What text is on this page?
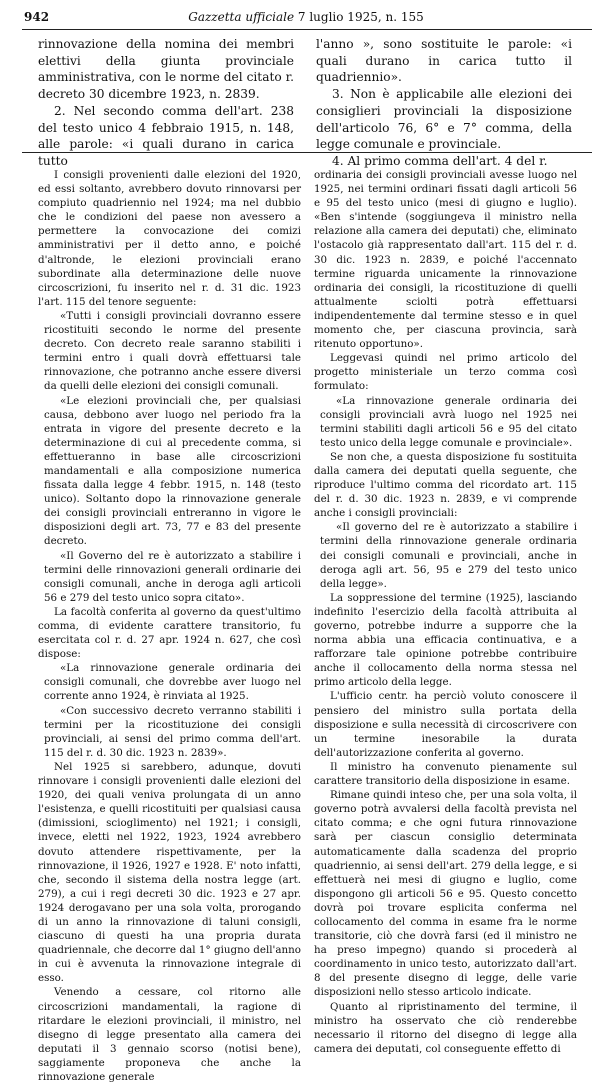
942	Gazzetta ufficiale 7 luglio 1925, n. 155

rinnovazione della nomina dei membri elettivi della giunta provinciale amministrativa, con le norme del citato r. decreto 30 dicembre 1923, n. 2839.

2. Nel secondo comma dell'art. 238 del testo unico 4 febbraio 1915, n. 148, alle parole: «i quali durano in carica tutto

l'anno », sono sostituite le parole: «i quali durano in carica tutto il quadriennio».

3. Non è applicabile alle elezioni dei consiglieri provinciali la disposizione dell'articolo 76, 6° e 7° comma, della legge comunale e provinciale.

4. Al primo comma dell'art. 4 del r.

I consigli provenienti dalle elezioni del 1920, ed essi soltanto, avrebbero dovuto rinnovarsi per compiuto quadriennio nel 1924; ma nel dubbio che le condizioni del paese non avessero a permettere la convocazione dei comizi amministrativi per il detto anno, e poiché d'altronde, le elezioni provinciali erano subordinate alla determinazione delle nuove circoscrizioni, fu inserito nel r. d. 31 dic. 1923 l'art. 115 del tenore seguente:

«Tutti i consigli provinciali dovranno essere ricostituiti secondo le norme del presente decreto. Con decreto reale saranno stabiliti i termini entro i quali dovrà effettuarsi tale rinnovazione, che potranno anche essere diversi da quelli delle elezioni dei consigli comunali.

«Le elezioni provinciali che, per qualsiasi causa, debbono aver luogo nel periodo fra la entrata in vigore del presente decreto e la determinazione di cui al precedente comma, si effettueranno in base alle circoscrizioni mandamentali e alla composizione numerica fissata dalla legge 4 febbr. 1915, n. 148 (testo unico). Soltanto dopo la rinnovazione generale dei consigli provinciali entreranno in vigore le disposizioni degli art. 73, 77 e 83 del presente decreto.

«Il Governo del re è autorizzato a stabilire i termini delle rinnovazioni generali ordinarie dei consigli comunali, anche in deroga agli articoli 56 e 279 del testo unico sopra citato».

La facoltà conferita al governo da quest'ultimo comma, di evidente carattere transitorio, fu esercitata col r. d. 27 apr. 1924 n. 627, che così dispose:

«La rinnovazione generale ordinaria dei consigli comunali, che dovrebbe aver luogo nel corrente anno 1924, è rinviata al 1925.

«Con successivo decreto verranno stabiliti i termini per la ricostituzione dei consigli provinciali, ai sensi del primo comma dell'art. 115 del r. d. 30 dic. 1923 n. 2839».

Nel 1925 si sarebbero, adunque, dovuti rinnovare i consigli provenienti dalle elezioni del 1920, dei quali veniva prolungata di un anno l'esistenza, e quelli ricostituiti per qualsiasi causa (dimissioni, scioglimento) nel 1921; i consigli, invece, eletti nel 1922, 1923, 1924 avrebbero dovuto attendere rispettivamente, per la rinnovazione, il 1926, 1927 e 1928. E' noto infatti, che, secondo il sistema della nostra legge (art. 279), a cui i regi decreti 30 dic. 1923 e 27 apr. 1924 derogavano per una sola volta, prorogando di un anno la rinnovazione di taluni consigli, ciascuno di questi ha una propria durata quadriennale, che decorre dal 1° giugno dell'anno in cui è avvenuta la rinnovazione integrale di esso.

Venendo a cessare, col ritorno alle circoscrizioni mandamentali, la ragione di ritardare le elezioni provinciali, il ministro, nel disegno di legge presentato alla camera dei deputati il 3 gennaio scorso (notisi bene), saggiamente proponeva che anche la rinnovazione generale

ordinaria dei consigli provinciali avesse luogo nel 1925, nei termini ordinari fissati dagli articoli 56 e 95 del testo unico (mesi di giugno e luglio). «Ben s'intende (soggiungeva il ministro nella relazione alla camera dei deputati) che, eliminato l'ostacolo già rappresentato dall'art. 115 del r. d. 30 dic. 1923 n. 2839, e poiché l'accennato termine riguarda unicamente la rinnovazione ordinaria dei consigli, la ricostituzione di quelli attualmente sciolti potrà effettuarsi indipendentemente dal termine stesso e in quel momento che, per ciascuna provincia, sarà ritenuto opportuno».

Leggevasi quindi nel primo articolo del progetto ministeriale un terzo comma così formulato:

«La rinnovazione generale ordinaria dei consigli provinciali avrà luogo nel 1925 nei termini stabiliti dagli articoli 56 e 95 del citato testo unico della legge comunale e provinciale».

Se non che, a questa disposizione fu sostituita dalla camera dei deputati quella seguente, che riproduce l'ultimo comma del ricordato art. 115 del r. d. 30 dic. 1923 n. 2839, e vi comprende anche i consigli provinciali:

«Il governo del re è autorizzato a stabilire i termini della rinnovazione generale ordinaria dei consigli comunali e provinciali, anche in deroga agli art. 56, 95 e 279 del testo unico della legge».

La soppressione del termine (1925), lasciando indefinito l'esercizio della facoltà attribuita al governo, potrebbe indurre a supporre che la norma abbia una efficacia continuativa, e a rafforzare tale opinione potrebbe contribuire anche il collocamento della norma stessa nel primo articolo della legge.

L'ufficio centr. ha perciò voluto conoscere il pensiero del ministro sulla portata della disposizione e sulla necessità di circoscrivere con un termine inesorabile la durata dell'autorizzazione conferita al governo.

Il ministro ha convenuto pienamente sul carattere transitorio della disposizione in esame.

Rimane quindi inteso che, per una sola volta, il governo potrà avvalersi della facoltà prevista nel citato comma; e che ogni futura rinnovazione sarà per ciascun consiglio determinata automaticamente dalla scadenza del proprio quadriennio, ai sensi dell'art. 279 della legge, e si effettuerà nei mesi di giugno e luglio, come dispongono gli articoli 56 e 95. Questo concetto dovrà poi trovare esplicita conferma nel collocamento del comma in esame fra le norme transitorie, ciò che dovrà farsi (ed il ministro ne ha preso impegno) quando si procederà al coordinamento in unico testo, autorizzato dall'art. 8 del presente disegno di legge, delle varie disposizioni nello stesso articolo indicate.

Quanto al ripristinamento del termine, il ministro ha osservato che ciò renderebbe necessario il ritorno del disegno di legge alla camera dei deputati, col conseguente effetto di
